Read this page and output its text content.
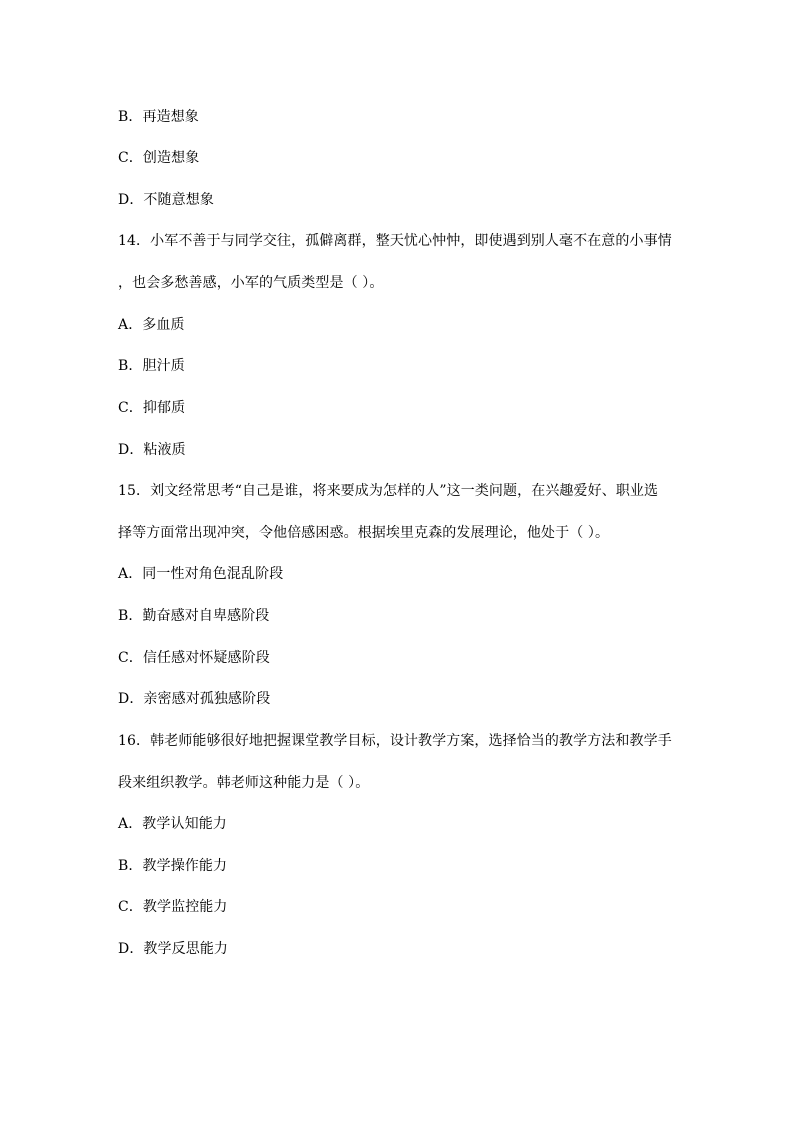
B．再造想象
C．创造想象
D．不随意想象
14．小军不善于与同学交往，孤僻离群，整天忧心忡忡，即使遇到别人毫不在意的小事情
，也会多愁善感，小军的气质类型是（ ）。
A．多血质
B．胆汁质
C．抑郁质
D．粘液质
15．刘文经常思考“自己是谁，将来要成为怎样的人”这一类问题，在兴趣爱好、职业选
择等方面常出现冲突，令他倍感困惑。根据埃里克森的发展理论，他处于（ ）。
A．同一性对角色混乱阶段
B．勤奋感对自卑感阶段
C．信任感对怀疑感阶段
D．亲密感对孤独感阶段
16．韩老师能够很好地把握课堂教学目标，设计教学方案，选择恰当的教学方法和教学手
段来组织教学。韩老师这种能力是（ ）。
A．教学认知能力
B．教学操作能力
C．教学监控能力
D．教学反思能力
